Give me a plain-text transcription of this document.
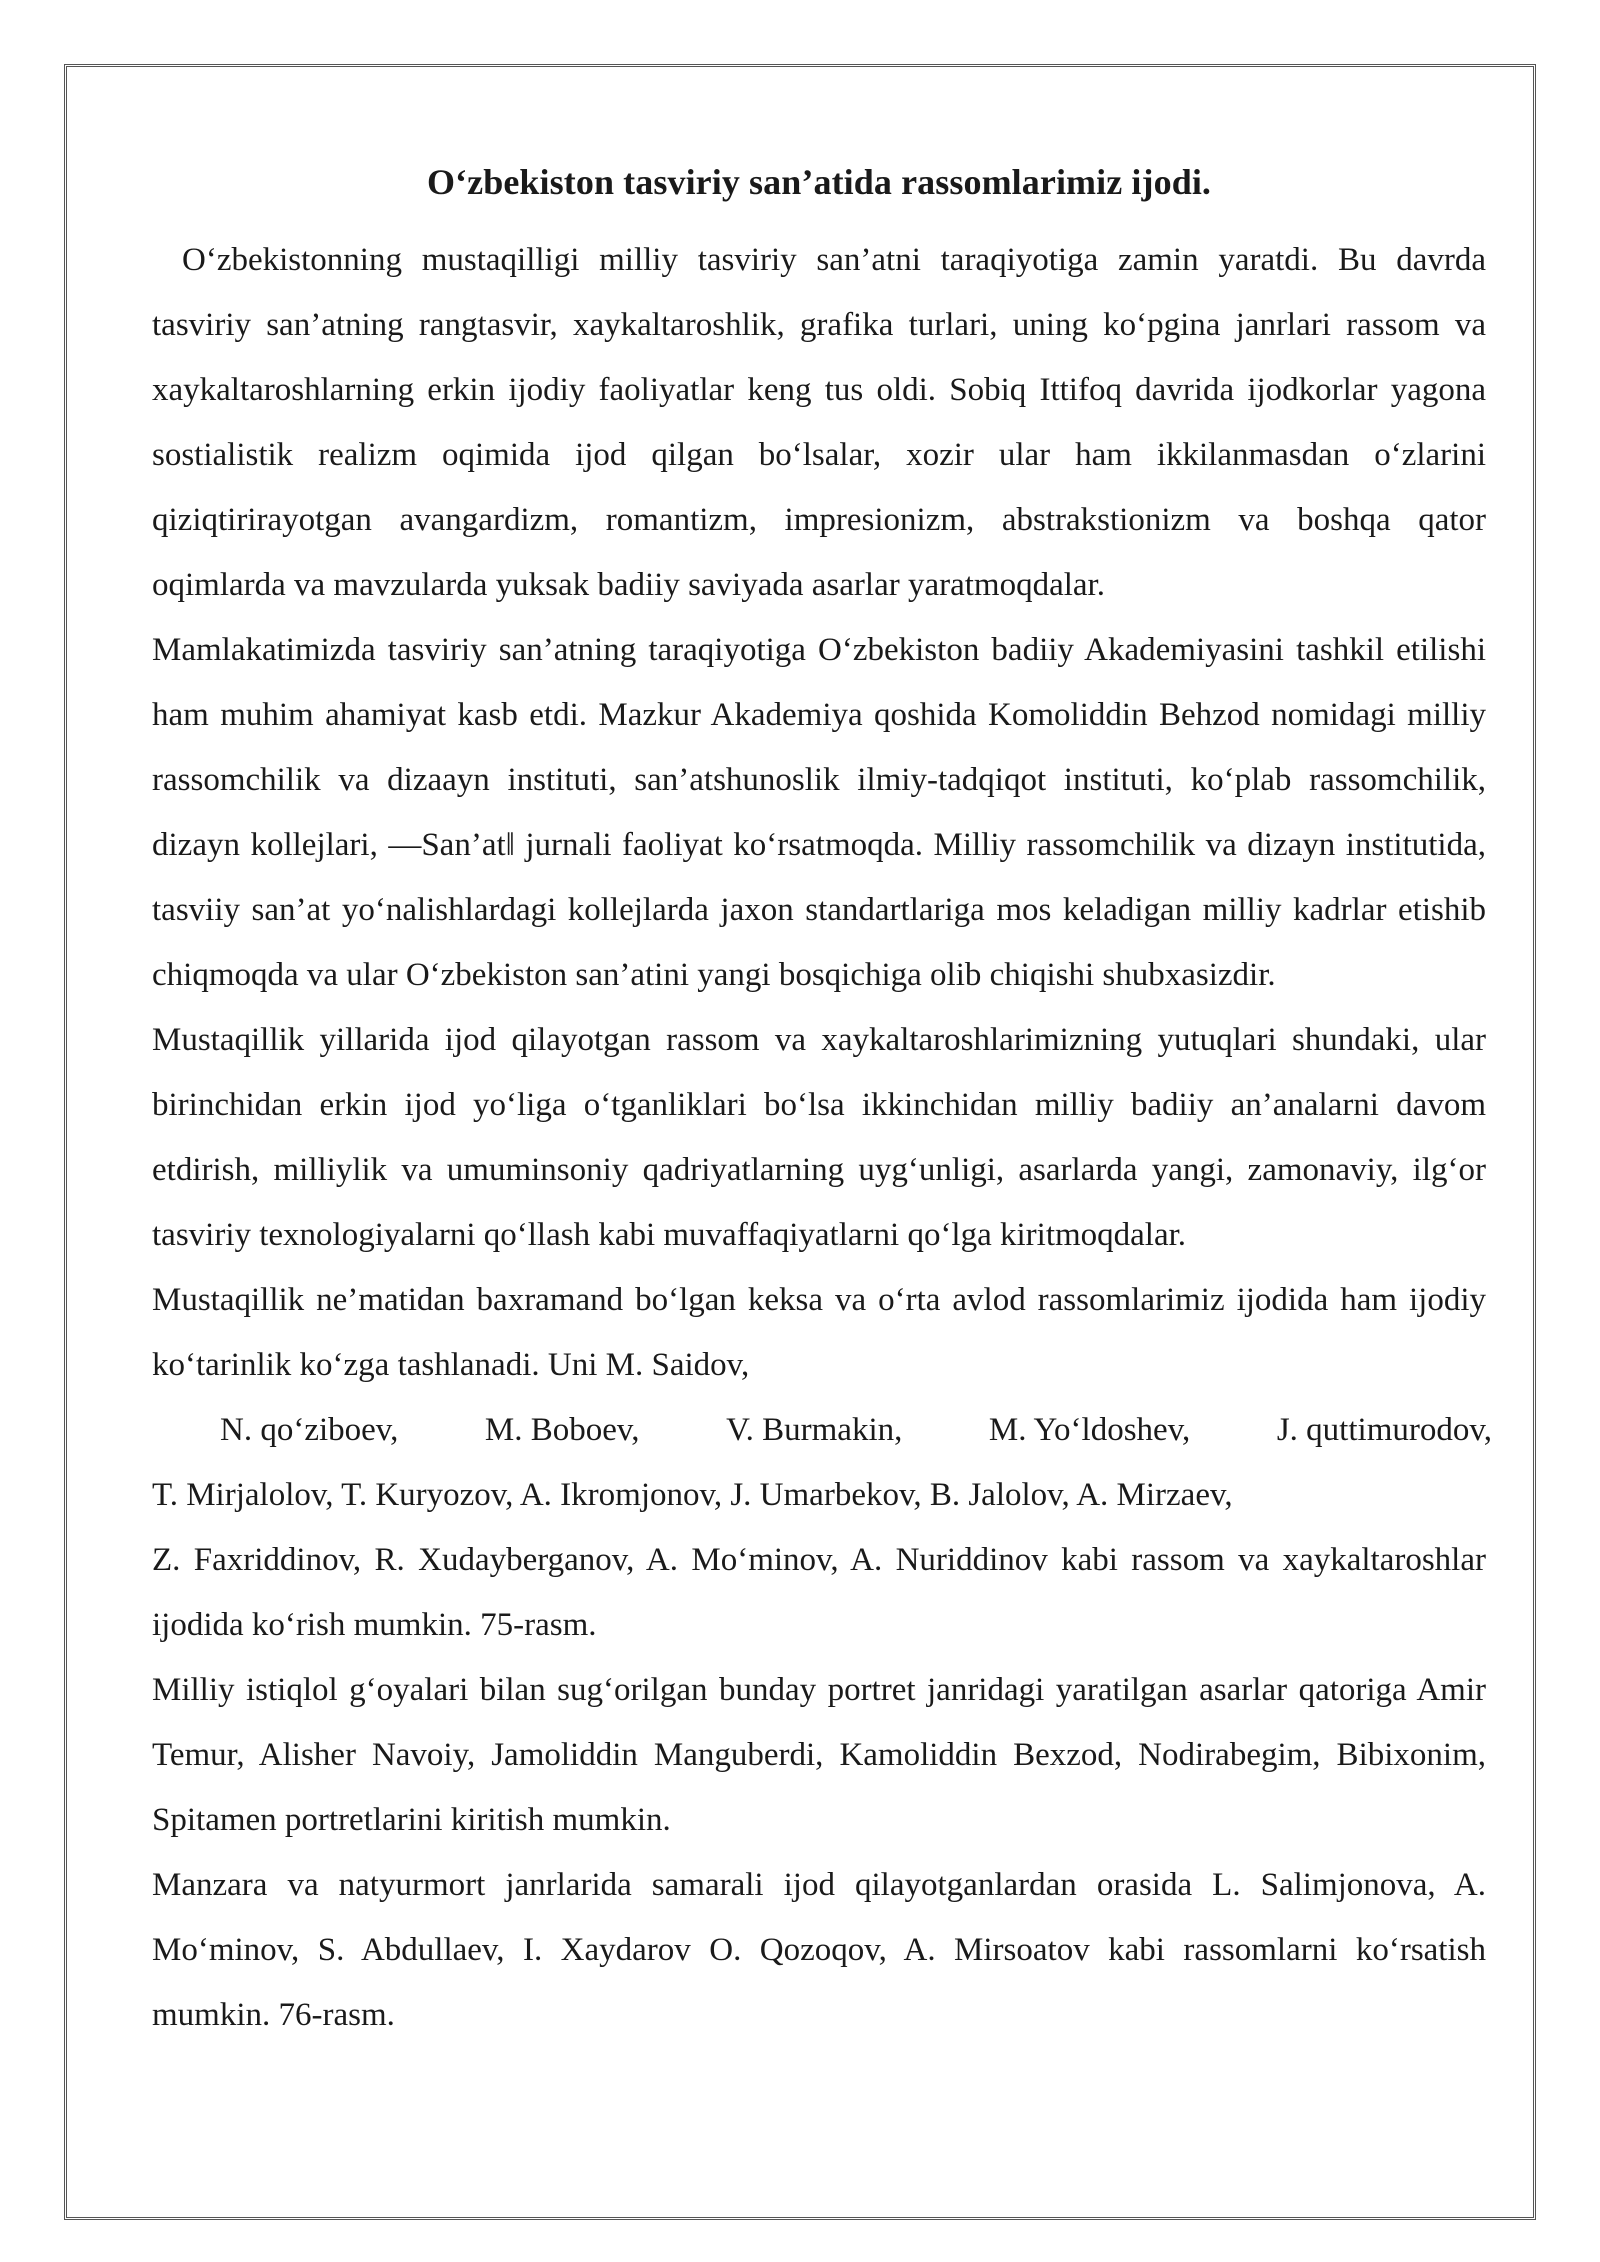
O‘zbekiston tasviriy san’atida rassomlarimiz ijodi.

O‘zbekistonning mustaqilligi milliy tasviriy san’atni taraqiyotiga zamin yaratdi. Bu davrda tasviriy san’atning rangtasvir, xaykaltaroshlik, grafika turlari, uning ko‘pgina janrlari rassom va xaykaltaroshlarning erkin ijodiy faoliyatlar keng tus oldi. Sobiq Ittifoq davrida ijodkorlar yagona sostialistik realizm oqimida ijod qilgan bo‘lsalar, xozir ular ham ikkilanmasdan o‘zlarini qiziqtirirayotgan avangardizm, romantizm, impresionizm, abstrakstionizm va boshqa qator oqimlarda va mavzularda yuksak badiiy saviyada asarlar yaratmoqdalar.

Mamlakatimizda tasviriy san’atning taraqiyotiga O‘zbekiston badiiy Akademiyasini tashkil etilishi ham muhim ahamiyat kasb etdi. Mazkur Akademiya qoshida Komoliddin Behzod nomidagi milliy rassomchilik va dizaayn instituti, san’atshunoslik ilmiy-tadqiqot instituti, ko‘plab rassomchilik, dizayn kollejlari, ―San’at‖ jurnali faoliyat ko‘rsatmoqda. Milliy rassomchilik va dizayn institutida, tasviiy san’at yo‘nalishlardagi kollejlarda jaxon standartlariga mos keladigan milliy kadrlar etishib chiqmoqda va ular O‘zbekiston san’atini yangi bosqichiga olib chiqishi shubxasizdir.

Mustaqillik yillarida ijod qilayotgan rassom va xaykaltaroshlarimizning yutuqlari shundaki, ular birinchidan erkin ijod yo‘liga o‘tganliklari bo‘lsa ikkinchidan milliy badiiy an’analarni davom etdirish, milliylik va umuminsoniy qadriyatlarning uyg‘unligi, asarlarda yangi, zamonaviy, ilg‘or tasviriy texnologiyalarni qo‘llash kabi muvaffaqiyatlarni qo‘lga kiritmoqdalar.

Mustaqillik ne’matidan baxramand bo‘lgan keksa va o‘rta avlod rassomlarimiz ijodida ham ijodiy ko‘tarinlik ko‘zga tashlanadi. Uni M. Saidov,

N. qo‘ziboev,	M. Boboev,	V. Burmakin,	M. Yo‘ldoshev,	J. quttimurodov,

T. Mirjalolov, T. Kuryozov, A. Ikromjonov, J. Umarbekov, B. Jalolov, A. Mirzaev,

Z. Faxriddinov, R. Xudayberganov, A. Mo‘minov, A. Nuriddinov kabi rassom va xaykaltaroshlar ijodida ko‘rish mumkin. 75-rasm.

Milliy istiqlol g‘oyalari bilan sug‘orilgan bunday portret janridagi yaratilgan asarlar qatoriga Amir Temur, Alisher Navoiy, Jamoliddin Manguberdi, Kamoliddin Bexzod, Nodirabegim, Bibixonim, Spitamen portretlarini kiritish mumkin.

Manzara va natyurmort janrlarida samarali ijod qilayotganlardan orasida L. Salimjonova, A. Mo‘minov, S. Abdullaev, I. Xaydarov O. Qozoqov, A. Mirsoatov kabi rassomlarni ko‘rsatish mumkin. 76-rasm.
